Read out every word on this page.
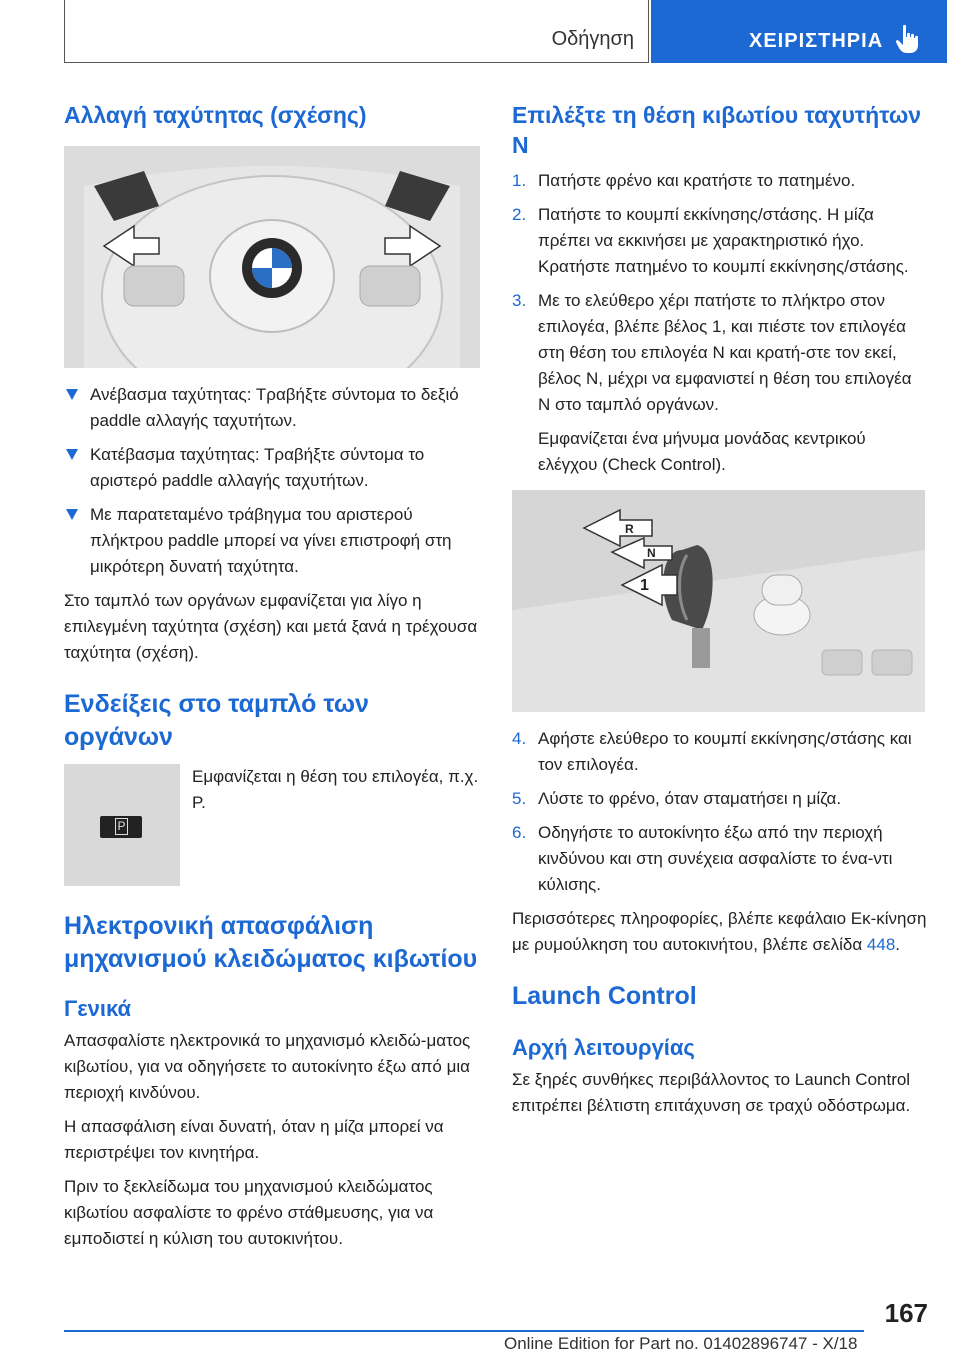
Οδήγηση	ΧΕΙΡΙΣΤΗΡΙΑ
Αλλαγή ταχύτητας (σχέσης)
Ανέβασμα ταχύτητας: Τραβήξτε σύντομα το δεξιό paddle αλλαγής ταχυτήτων.
Κατέβασμα ταχύτητας: Τραβήξτε σύντομα το αριστερό paddle αλλαγής ταχυτήτων.
Με παρατεταμένο τράβηγμα του αριστερού πλήκτρου paddle μπορεί να γίνει επιστροφή στη μικρότερη δυνατή ταχύτητα.

Στο ταμπλό των οργάνων εμφανίζεται για λίγο η επιλεγμένη ταχύτητα (σχέση) και μετά ξανά η τρέχουσα ταχύτητα (σχέση).

Ενδείξεις στο ταμπλό των οργάνων
P

Εμφανίζεται η θέση του επιλογέα, π.χ. P.

Ηλεκτρονική απασφάλιση μηχανισμού κλειδώματος κιβωτίου
Γενικά

Απασφαλίστε ηλεκτρονικά το μηχανισμό κλειδώ-ματος κιβωτίου, για να οδηγήσετε το αυτοκίνητο έξω από μια περιοχή κινδύνου.

Η απασφάλιση είναι δυνατή, όταν η μίζα μπορεί να περιστρέψει τον κινητήρα.

Πριν το ξεκλείδωμα του μηχανισμού κλειδώματος κιβωτίου ασφαλίστε το φρένο στάθμευσης, για να εμποδιστεί η κύλιση του αυτοκινήτου.

Επιλέξτε τη θέση κιβωτίου ταχυτήτων N
1. Πατήστε φρένο και κρατήστε το πατημένο.
2. Πατήστε το κουμπί εκκίνησης/στάσης. Η μίζα πρέπει να εκκινήσει με χαρακτηριστικό ήχο. Κρατήστε πατημένο το κουμπί εκκίνησης/στάσης.
3. Με το ελεύθερο χέρι πατήστε το πλήκτρο στον επιλογέα, βλέπε βέλος 1, και πιέστε τον επιλογέα στη θέση του επιλογέα N και κρατή-στε τον εκεί, βέλος N, μέχρι να εμφανιστεί η θέση του επιλογέα N στο ταμπλό οργάνων.
Εμφανίζεται ένα μήνυμα μονάδας κεντρικού ελέγχου (Check Control).
R
N
1
4. Αφήστε ελεύθερο το κουμπί εκκίνησης/στάσης και τον επιλογέα.
5. Λύστε το φρένο, όταν σταματήσει η μίζα.
6. Οδηγήστε το αυτοκίνητο έξω από την περιοχή κινδύνου και στη συνέχεια ασφαλίστε το ένα-ντι κύλισης.

Περισσότερες πληροφορίες, βλέπε κεφάλαιο Εκ-κίνηση με ρυμούλκηση του αυτοκινήτου, βλέπε σελίδα 448.

Launch Control
Αρχή λειτουργίας

Σε ξηρές συνθήκες περιβάλλοντος το Launch Control επιτρέπει βέλτιστη επιτάχυνση σε τραχύ οδόστρωμα.

167
Online Edition for Part no. 01402896747 - X/18
